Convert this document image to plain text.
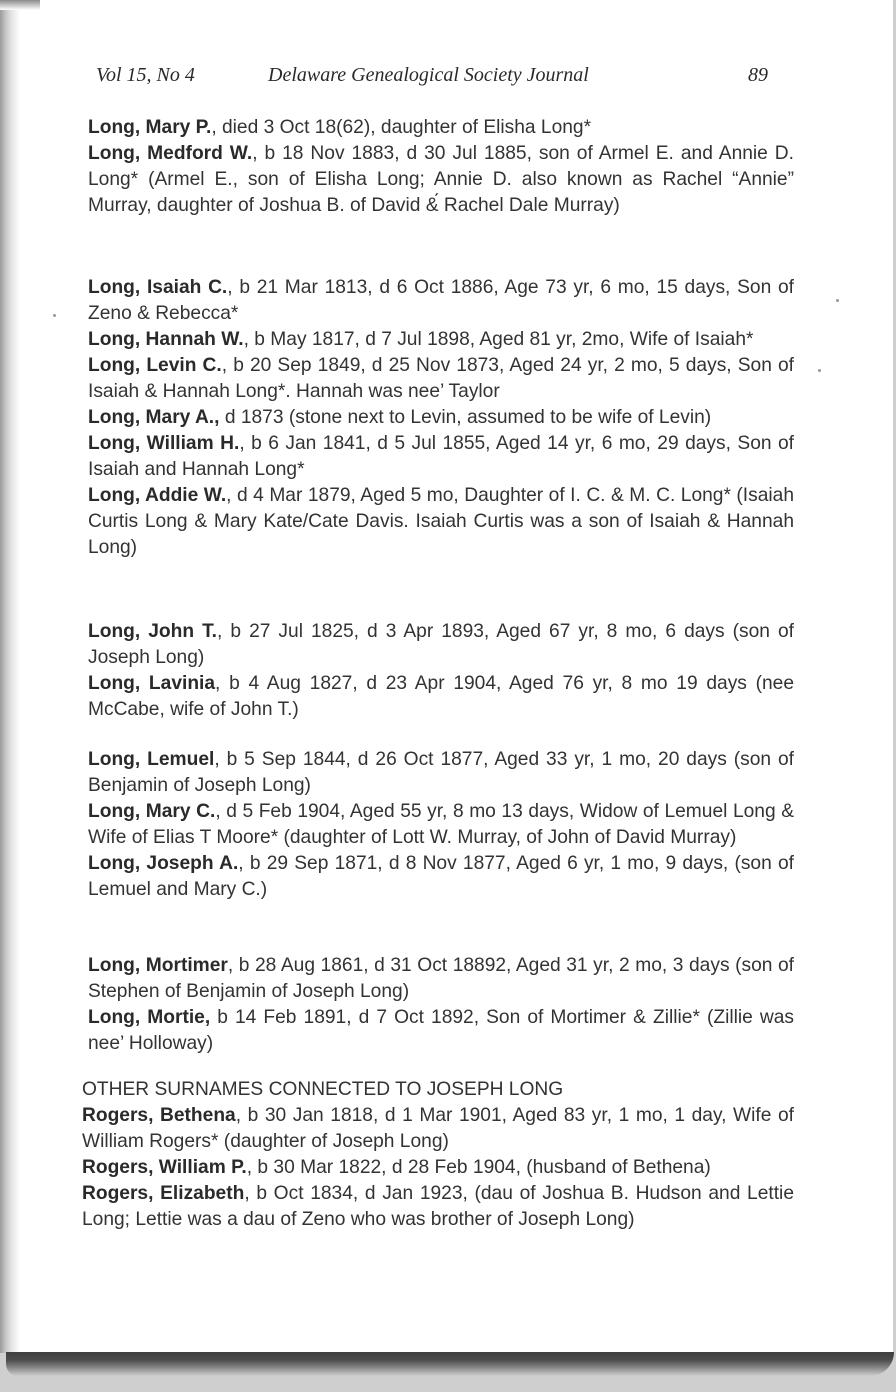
Vol 15, No 4	Delaware Genealogical Society Journal	89

Long, Mary P., died 3 Oct 18(62), daughter of Elisha Long*

Long, Medford W., b 18 Nov 1883, d 30 Jul 1885, son of Armel E. and Annie D. Long* (Armel E., son of Elisha Long; Annie D. also known as Rachel “Annie” Murray, daughter of Joshua B. of David &́ Rachel Dale Murray)

Long, Isaiah C., b 21 Mar 1813, d 6 Oct 1886, Age 73 yr, 6 mo, 15 days, Son of Zeno & Rebecca*

Long, Hannah W., b May 1817, d 7 Jul 1898, Aged 81 yr, 2mo, Wife of Isaiah*

Long, Levin C., b 20 Sep 1849, d 25 Nov 1873, Aged 24 yr, 2 mo, 5 days, Son of Isaiah & Hannah Long*. Hannah was nee’ Taylor

Long, Mary A., d 1873 (stone next to Levin, assumed to be wife of Levin)

Long, William H., b 6 Jan 1841, d 5 Jul 1855, Aged 14 yr, 6 mo, 29 days, Son of Isaiah and Hannah Long*

Long, Addie W., d 4 Mar 1879, Aged 5 mo, Daughter of I. C. & M. C. Long* (Isaiah Curtis Long & Mary Kate/Cate Davis. Isaiah Curtis was a son of Isaiah & Hannah Long)

Long, John T., b 27 Jul 1825, d 3 Apr 1893, Aged 67 yr, 8 mo, 6 days (son of Joseph Long)

Long, Lavinia, b 4 Aug 1827, d 23 Apr 1904, Aged 76 yr, 8 mo 19 days (nee McCabe, wife of John T.)

Long, Lemuel, b 5 Sep 1844, d 26 Oct 1877, Aged 33 yr, 1 mo, 20 days (son of Benjamin of Joseph Long)

Long, Mary C., d 5 Feb 1904, Aged 55 yr, 8 mo 13 days, Widow of Lemuel Long & Wife of Elias T Moore* (daughter of Lott W. Murray, of John of David Murray)

Long, Joseph A., b 29 Sep 1871, d 8 Nov 1877, Aged 6 yr, 1 mo, 9 days, (son of Lemuel and Mary C.)

Long, Mortimer, b 28 Aug 1861, d 31 Oct 18892, Aged 31 yr, 2 mo, 3 days (son of Stephen of Benjamin of Joseph Long)

Long, Mortie, b 14 Feb 1891, d 7 Oct 1892, Son of Mortimer & Zillie* (Zillie was nee’ Holloway)

OTHER SURNAMES CONNECTED TO JOSEPH LONG

Rogers, Bethena, b 30 Jan 1818, d 1 Mar 1901, Aged 83 yr, 1 mo, 1 day, Wife of William Rogers* (daughter of Joseph Long)

Rogers, William P., b 30 Mar 1822, d 28 Feb 1904, (husband of Bethena)

Rogers, Elizabeth, b Oct 1834, d Jan 1923, (dau of Joshua B. Hudson and Lettie Long; Lettie was a dau of Zeno who was brother of Joseph Long)
